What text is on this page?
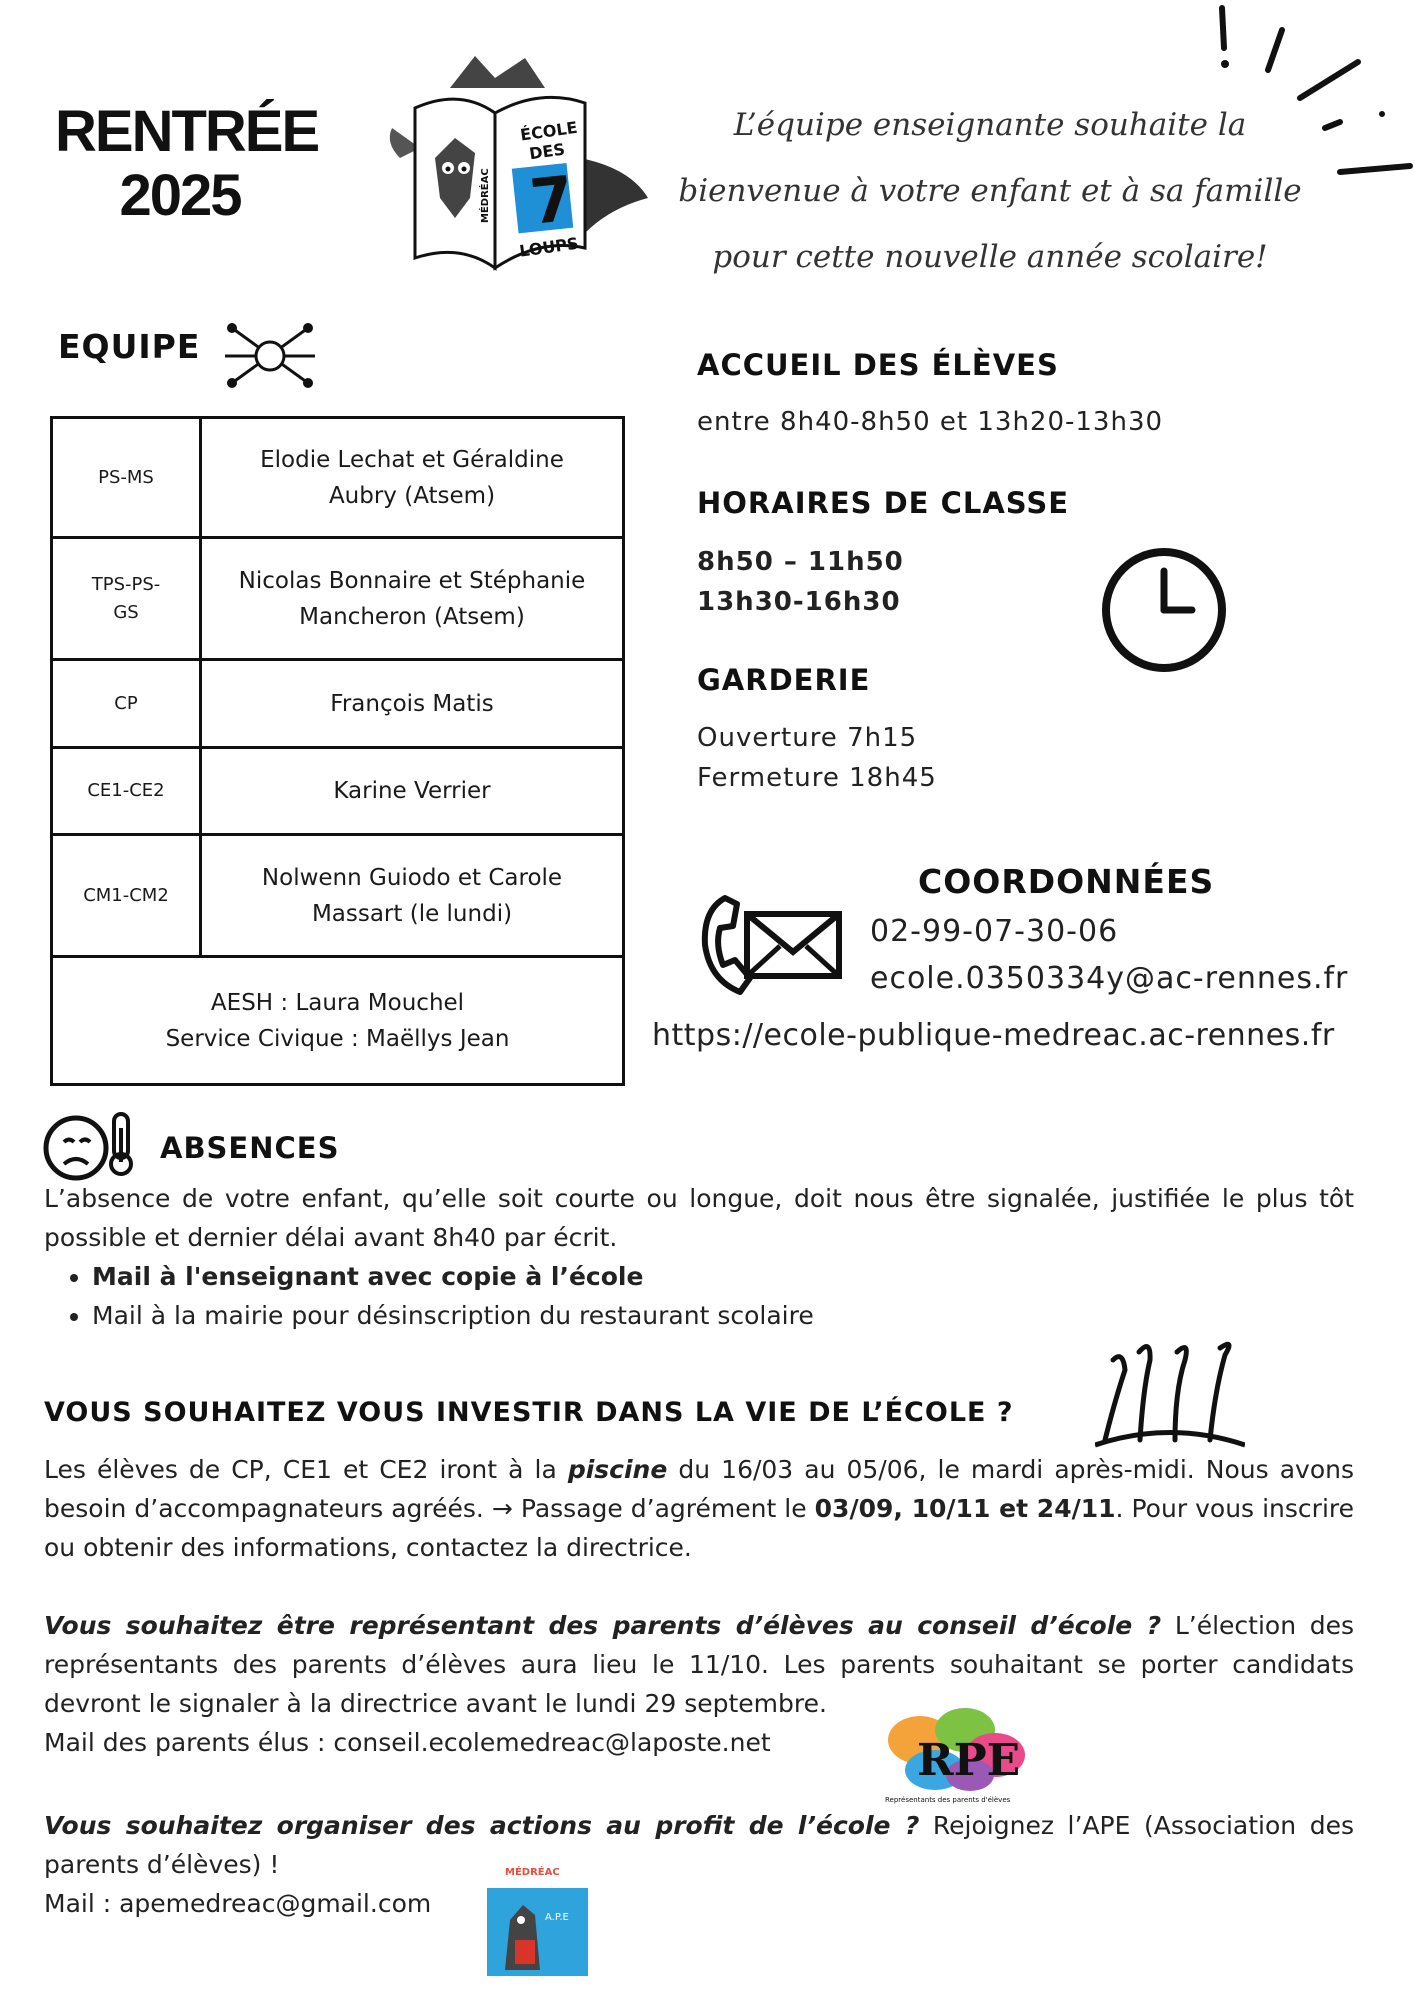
RENTRÉE
2025	7
ÉCOLE
DES
LOUPS
MÉDRÉAC
L’équipe enseignante souhaite la
bienvenue à votre enfant et à sa famille
pour cette nouvelle année scolaire!
EQUIPE
PS-MS	Elodie Lechat et Géraldine Aubry (Atsem)

TPS-PS-GS	Nicolas Bonnaire et Stéphanie Mancheron (Atsem)
CP	François Matis
CE1-CE2	Karine Verrier
CM1-CM2	Nolwenn Guiodo et Carole Massart (le lundi)

AESH : Laura Mouchel
Service Civique : Maëllys Jean	
ACCUEIL DES ÉLÈVES
entre 8h40-8h50 et 13h20-13h30
HORAIRES DE CLASSE
8h50 – 11h50
13h30-16h30
GARDERIE
Ouverture 7h15
Fermeture 18h45
COORDONNÉES
02-99-07-30-06
ecole.0350334y@ac-rennes.fr
https://ecole-publique-medreac.ac-rennes.fr
ABSENCES
L’absence de votre enfant, qu’elle soit courte ou longue, doit nous être signalée, justifiée le plus tôt possible et dernier délai avant 8h40 par écrit.
• Mail à l'enseignant avec copie à l’école
• Mail à la mairie pour désinscription du restaurant scolaire
VOUS SOUHAITEZ VOUS INVESTIR DANS LA VIE DE L’ÉCOLE ?
Les élèves de CP, CE1 et CE2 iront à la piscine du 16/03 au 05/06, le mardi après-midi. Nous avons besoin d’accompagnateurs agréés. → Passage d’agrément le 03/09, 10/11 et 24/11. Pour vous inscrire ou obtenir des informations, contactez la directrice.
Vous souhaitez être représentant des parents d’élèves au conseil d’école ? L’élection des représentants des parents d’élèves aura lieu le 11/10. Les parents souhaitant se porter candidats devront le signaler à la directrice avant le lundi 29 septembre.
Mail des parents élus : conseil.ecolemedreac@laposte.net	RPE
Représentants des parents d'élèves
Vous souhaitez organiser des actions au profit de l’école ? Rejoignez l’APE (Association des parents d’élèves) !
Mail : apemedreac@gmail.com
MÉDRÉAC
A.P.E
